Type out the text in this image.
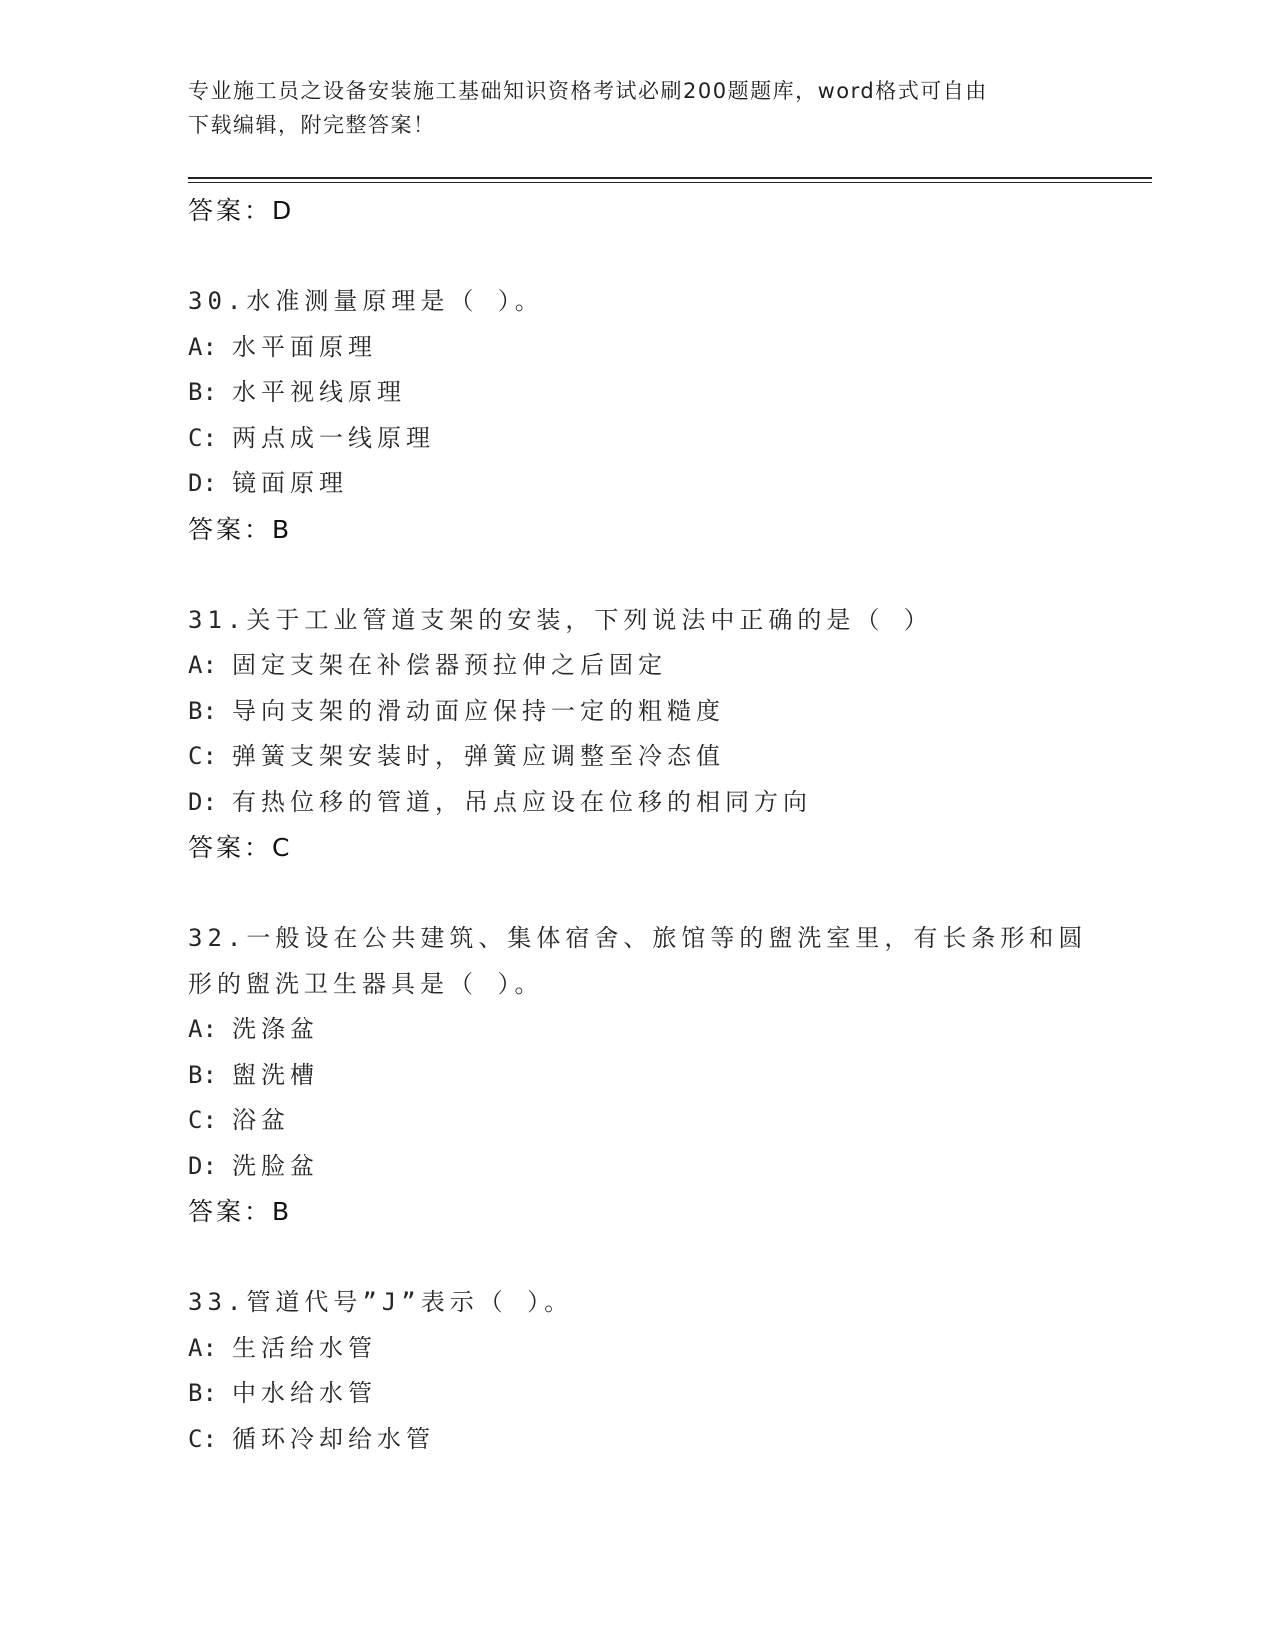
专业施工员之设备安装施工基础知识资格考试必刷200题题库，word格式可自由
下载编辑，附完整答案！
答案：D
30.水准测量原理是（ ）。
A: 水平面原理
B: 水平视线原理
C: 两点成一线原理
D: 镜面原理
答案：B
31.关于工业管道支架的安装，下列说法中正确的是（ ）
A: 固定支架在补偿器预拉伸之后固定
B: 导向支架的滑动面应保持一定的粗糙度
C: 弹簧支架安装时，弹簧应调整至冷态值
D: 有热位移的管道，吊点应设在位移的相同方向
答案：C
32.一般设在公共建筑、集体宿舍、旅馆等的盥洗室里，有长条形和圆
形的盥洗卫生器具是（ ）。
A: 洗涤盆
B: 盥洗槽
C: 浴盆
D: 洗脸盆
答案：B
33.管道代号”J”表示（ ）。
A: 生活给水管
B: 中水给水管
C: 循环冷却给水管
